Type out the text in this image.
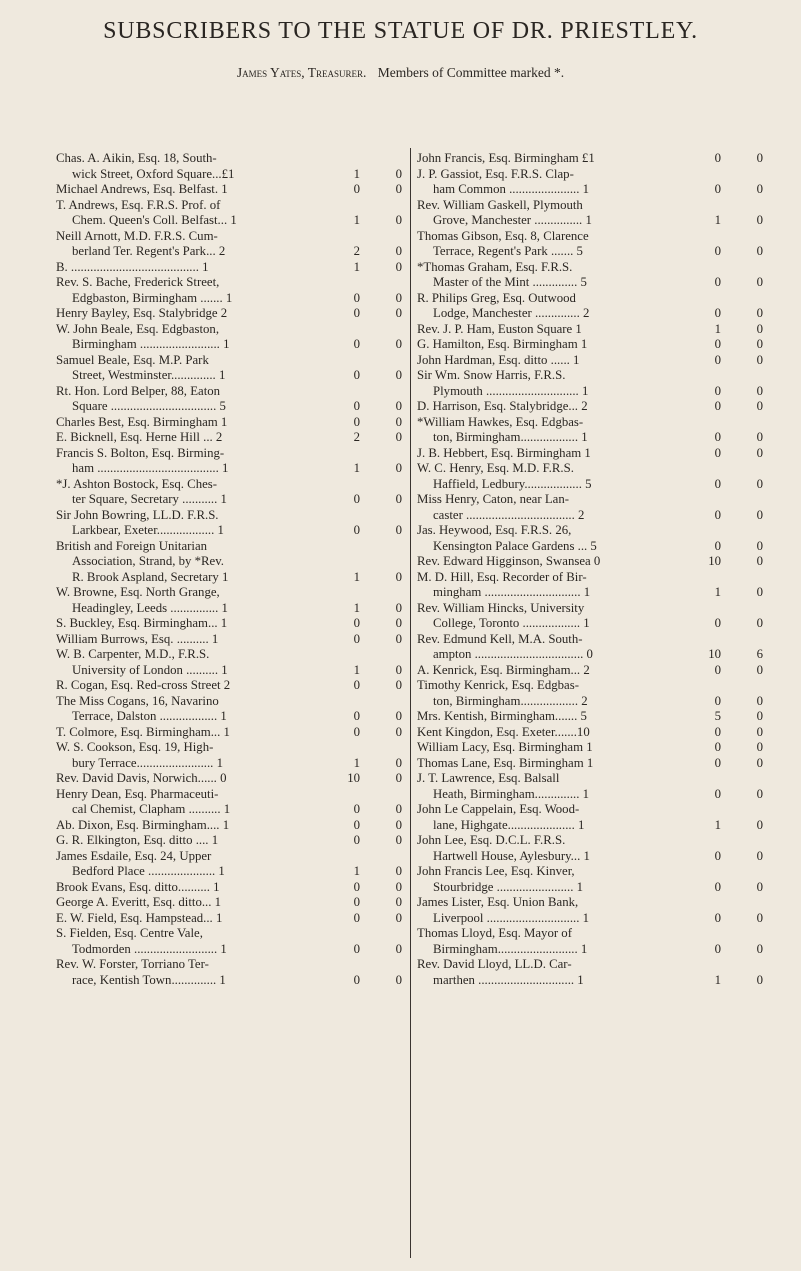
SUBSCRIBERS TO THE STATUE OF DR. PRIESTLEY.
James Yates, Treasurer. Members of Committee marked *.
Chas. A. Aikin, Esq. 18, South-
wick Street, Oxford Square...£1	1	0
Michael Andrews, Esq. Belfast. 1	0	0
T. Andrews, Esq. F.R.S. Prof. of
Chem. Queen's Coll. Belfast... 1	1	0
Neill Arnott, M.D. F.R.S. Cum-
berland Ter. Regent's Park... 2	2	0
B. ........................................ 1	1	0
Rev. S. Bache, Frederick Street,
Edgbaston, Birmingham ....... 1	0	0
Henry Bayley, Esq. Stalybridge 2	0	0
W. John Beale, Esq. Edgbaston,
Birmingham ......................... 1	0	0
Samuel Beale, Esq. M.P. Park
Street, Westminster.............. 1	0	0
Rt. Hon. Lord Belper, 88, Eaton
Square ................................. 5	0	0
Charles Best, Esq. Birmingham 1	0	0
E. Bicknell, Esq. Herne Hill ... 2	2	0
Francis S. Bolton, Esq. Birming-
ham ...................................... 1	1	0
*J. Ashton Bostock, Esq. Ches-
ter Square, Secretary ........... 1	0	0
Sir John Bowring, LL.D. F.R.S.
Larkbear, Exeter.................. 1	0	0
British and Foreign Unitarian
Association, Strand, by *Rev.
R. Brook Aspland, Secretary 1	1	0
W. Browne, Esq. North Grange,
Headingley, Leeds ............... 1	1	0
S. Buckley, Esq. Birmingham... 1	0	0
William Burrows, Esq. .......... 1	0	0
W. B. Carpenter, M.D., F.R.S.
University of London .......... 1	1	0
R. Cogan, Esq. Red-cross Street 2	0	0
The Miss Cogans, 16, Navarino
Terrace, Dalston .................. 1	0	0
T. Colmore, Esq. Birmingham... 1	0	0
W. S. Cookson, Esq. 19, High-
bury Terrace........................ 1	1	0
Rev. David Davis, Norwich...... 0	10	0
Henry Dean, Esq. Pharmaceuti-
cal Chemist, Clapham .......... 1	0	0
Ab. Dixon, Esq. Birmingham.... 1	0	0
G. R. Elkington, Esq. ditto .... 1	0	0
James Esdaile, Esq. 24, Upper
Bedford Place ..................... 1	1	0
Brook Evans, Esq. ditto.......... 1	0	0
George A. Everitt, Esq. ditto... 1	0	0
E. W. Field, Esq. Hampstead... 1	0	0
S. Fielden, Esq. Centre Vale,
Todmorden .......................... 1	0	0
Rev. W. Forster, Torriano Ter-
race, Kentish Town.............. 1	0	0
John Francis, Esq. Birmingham £1	0	0
J. P. Gassiot, Esq. F.R.S. Clap-
ham Common ...................... 1	0	0
Rev. William Gaskell, Plymouth
Grove, Manchester ............... 1	1	0
Thomas Gibson, Esq. 8, Clarence
Terrace, Regent's Park ....... 5	0	0
*Thomas Graham, Esq. F.R.S.
Master of the Mint .............. 5	0	0
R. Philips Greg, Esq. Outwood
Lodge, Manchester .............. 2	0	0
Rev. J. P. Ham, Euston Square 1	1	0
G. Hamilton, Esq. Birmingham 1	0	0
John Hardman, Esq. ditto ...... 1	0	0
Sir Wm. Snow Harris, F.R.S.
Plymouth ............................. 1	0	0
D. Harrison, Esq. Stalybridge... 2	0	0
*William Hawkes, Esq. Edgbas-
ton, Birmingham.................. 1	0	0
J. B. Hebbert, Esq. Birmingham 1	0	0
W. C. Henry, Esq. M.D. F.R.S.
Haffield, Ledbury.................. 5	0	0
Miss Henry, Caton, near Lan-
caster .................................. 2	0	0
Jas. Heywood, Esq. F.R.S. 26,
Kensington Palace Gardens ... 5	0	0
Rev. Edward Higginson, Swansea 0	10	0
M. D. Hill, Esq. Recorder of Bir-
mingham .............................. 1	1	0
Rev. William Hincks, University
College, Toronto .................. 1	0	0
Rev. Edmund Kell, M.A. South-
ampton .................................. 0	10	6
A. Kenrick, Esq. Birmingham... 2	0	0
Timothy Kenrick, Esq. Edgbas-
ton, Birmingham.................. 2	0	0
Mrs. Kentish, Birmingham....... 5	5	0
Kent Kingdon, Esq. Exeter.......10	0	0
William Lacy, Esq. Birmingham 1	0	0
Thomas Lane, Esq. Birmingham 1	0	0
J. T. Lawrence, Esq. Balsall
Heath, Birmingham.............. 1	0	0
John Le Cappelain, Esq. Wood-
lane, Highgate..................... 1	1	0
John Lee, Esq. D.C.L. F.R.S.
Hartwell House, Aylesbury... 1	0	0
John Francis Lee, Esq. Kinver,
Stourbridge ........................ 1	0	0
James Lister, Esq. Union Bank,
Liverpool ............................. 1	0	0
Thomas Lloyd, Esq. Mayor of
Birmingham......................... 1	0	0
Rev. David Lloyd, LL.D. Car-
marthen .............................. 1	1	0
